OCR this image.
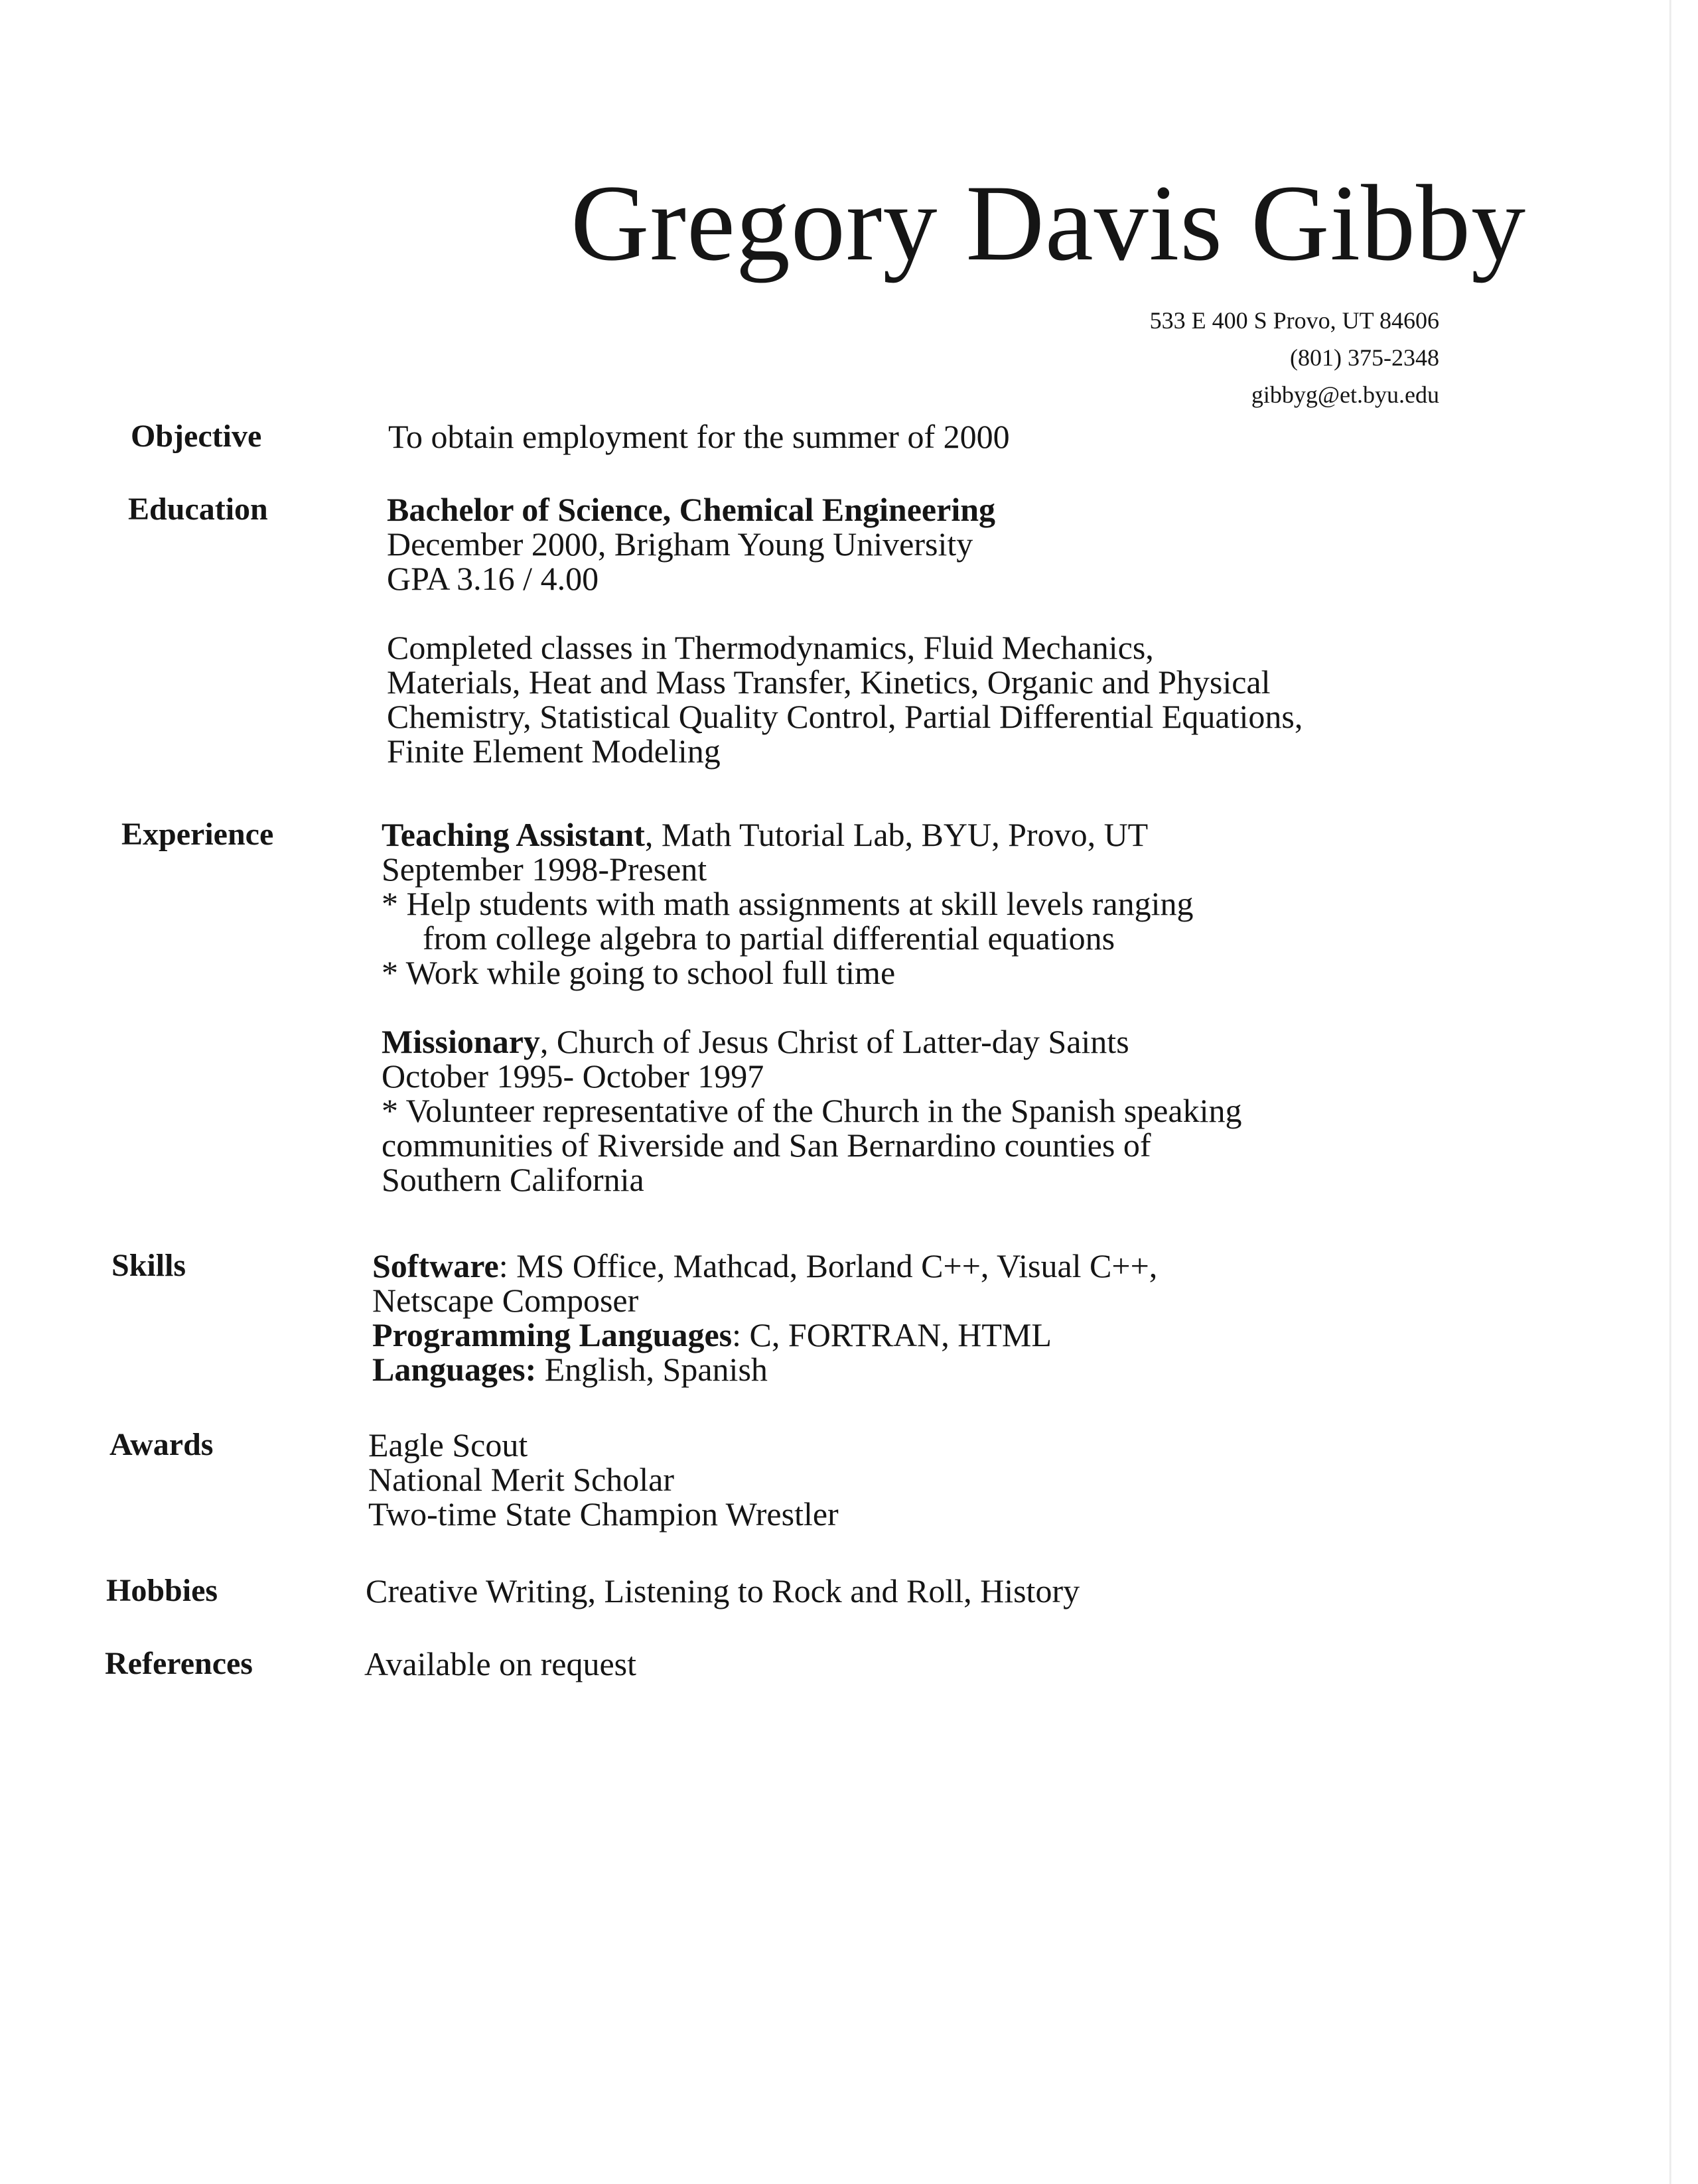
Gregory Davis Gibby
533 E 400 S Provo, UT 84606
(801) 375-2348
gibbyg@et.byu.edu
Objective	To obtain employment for the summer of 2000
Education	Bachelor of Science, Chemical Engineering
December 2000, Brigham Young University
GPA 3.16 / 4.00
Completed classes in Thermodynamics, Fluid Mechanics,
Materials, Heat and Mass Transfer, Kinetics, Organic and Physical
Chemistry, Statistical Quality Control, Partial Differential Equations,
Finite Element Modeling
Experience	Teaching Assistant, Math Tutorial Lab, BYU, Provo, UT
September 1998-Present
* Help students with math assignments at skill levels ranging
from college algebra to partial differential equations
* Work while going to school full time
Missionary, Church of Jesus Christ of Latter-day Saints
October 1995- October 1997
* Volunteer representative of the Church in the Spanish speaking
communities of Riverside and San Bernardino counties of
Southern California
Skills	Software: MS Office, Mathcad, Borland C++, Visual C++,
Netscape Composer
Programming Languages: C, FORTRAN, HTML
Languages: English, Spanish
Awards	Eagle Scout
National Merit Scholar
Two-time State Champion Wrestler
Hobbies	Creative Writing, Listening to Rock and Roll, History
References	Available on request
